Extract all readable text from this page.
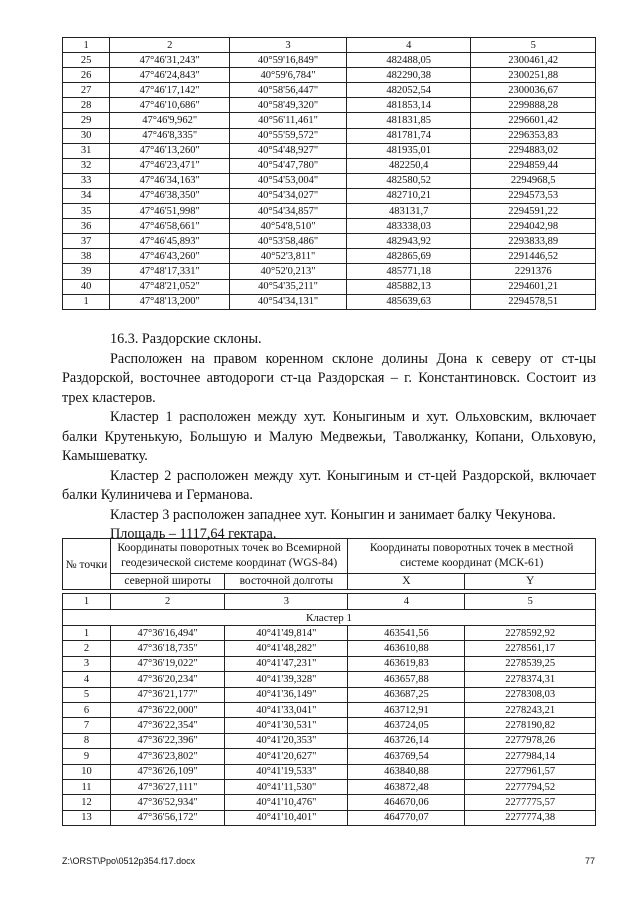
1	2	3	4	5
25	47°46'31,243"	40°59'16,849"	482488,05	2300461,42
26	47°46'24,843"	40°59'6,784"	482290,38	2300251,88
27	47°46'17,142"	40°58'56,447"	482052,54	2300036,67
28	47°46'10,686"	40°58'49,320"	481853,14	2299888,28
29	47°46'9,962"	40°56'11,461"	481831,85	2296601,42
30	47°46'8,335"	40°55'59,572"	481781,74	2296353,83
31	47°46'13,260"	40°54'48,927"	481935,01	2294883,02
32	47°46'23,471"	40°54'47,780"	482250,4	2294859,44
33	47°46'34,163"	40°54'53,004"	482580,52	2294968,5
34	47°46'38,350"	40°54'34,027"	482710,21	2294573,53
35	47°46'51,998"	40°54'34,857"	483131,7	2294591,22
36	47°46'58,661"	40°54'8,510"	483338,03	2294042,98
37	47°46'45,893"	40°53'58,486"	482943,92	2293833,89
38	47°46'43,260"	40°52'3,811"	482865,69	2291446,52
39	47°48'17,331"	40°52'0,213"	485771,18	2291376
40	47°48'21,052"	40°54'35,211"	485882,13	2294601,21
1	47°48'13,200"	40°54'34,131"	485639,63	2294578,51

16.3. Раздорские склоны.

Расположен на правом коренном склоне долины Дона к северу от ст-цы Раздорской, восточнее автодороги ст-ца Раздорская – г. Константиновск. Состоит из трех кластеров.

Кластер 1 расположен между хут. Коныгиным и хут. Ольховским, включает балки Крутенькую, Большую и Малую Медвежьи, Таволжанку, Копани, Ольховую, Камышеватку.

Кластер 2 расположен между хут. Коныгиным и ст-цей Раздорской, включает балки Кулиничева и Германова.

Кластер 3 расположен западнее хут. Коныгин и занимает балку Чекунова.

Площадь – 1117,64 гектара.

№ точки	Координаты поворотных точек во Всемирной геодезической системе координат (WGS-84)		Координаты поворотных точек в местной системе координат (МСК-61)	
	северной широты	восточной долготы	X	Y

1	2	3	4	5
Кластер 1				
1	47°36'16,494"	40°41'49,814"	463541,56	2278592,92
2	47°36'18,735"	40°41'48,282"	463610,88	2278561,17
3	47°36'19,022"	40°41'47,231"	463619,83	2278539,25
4	47°36'20,234"	40°41'39,328"	463657,88	2278374,31
5	47°36'21,177"	40°41'36,149"	463687,25	2278308,03
6	47°36'22,000"	40°41'33,041"	463712,91	2278243,21
7	47°36'22,354"	40°41'30,531"	463724,05	2278190,82
8	47°36'22,396"	40°41'20,353"	463726,14	2277978,26
9	47°36'23,802"	40°41'20,627"	463769,54	2277984,14
10	47°36'26,109"	40°41'19,533"	463840,88	2277961,57
11	47°36'27,111"	40°41'11,530"	463872,48	2277794,52
12	47°36'52,934"	40°41'10,476"	464670,06	2277775,57
13	47°36'56,172"	40°41'10,401"	464770,07	2277774,38
Z:\ORST\Ppo\0512p354.f17.docx	77
